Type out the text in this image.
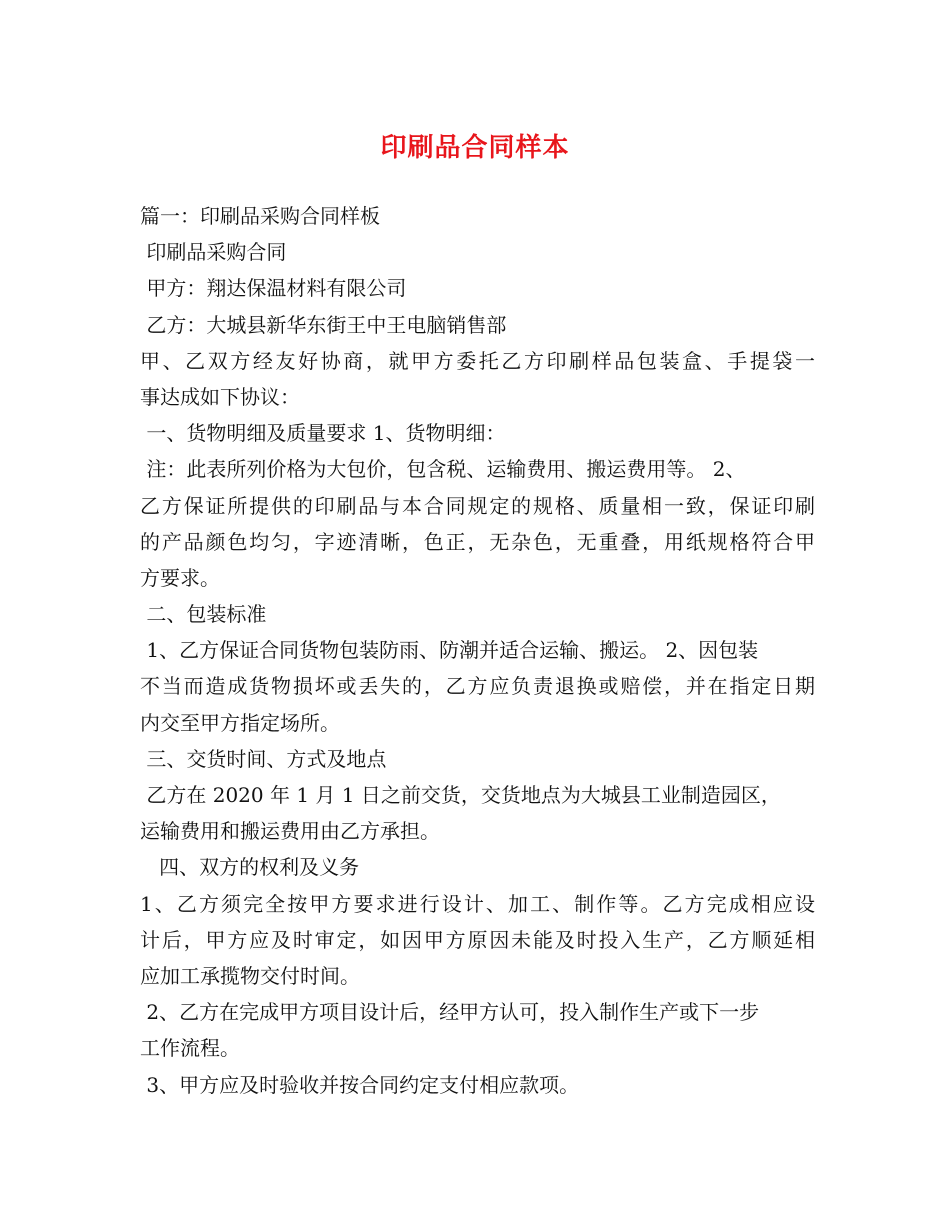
印刷品合同样本
篇一：印刷品采购合同样板
印刷品采购合同
甲方：翔达保温材料有限公司
乙方：大城县新华东街王中王电脑销售部
甲、乙双方经友好协商，就甲方委托乙方印刷样品包装盒、手提袋一
事达成如下协议：
一、货物明细及质量要求 1、货物明细：
注：此表所列价格为大包价，包含税、运输费用、搬运费用等。 2、
乙方保证所提供的印刷品与本合同规定的规格、质量相一致，保证印刷
的产品颜色均匀，字迹清晰，色正，无杂色，无重叠，用纸规格符合甲
方要求。
二、包装标准
1、乙方保证合同货物包装防雨、防潮并适合运输、搬运。 2、因包装
不当而造成货物损坏或丢失的，乙方应负责退换或赔偿，并在指定日期
内交至甲方指定场所。
三、交货时间、方式及地点
乙方在 2020 年 1 月 1 日之前交货，交货地点为大城县工业制造园区，
运输费用和搬运费用由乙方承担。
四、双方的权利及义务
1、乙方须完全按甲方要求进行设计、加工、制作等。乙方完成相应设
计后，甲方应及时审定，如因甲方原因未能及时投入生产，乙方顺延相
应加工承揽物交付时间。
2、乙方在完成甲方项目设计后，经甲方认可，投入制作生产或下一步
工作流程。
3、甲方应及时验收并按合同约定支付相应款项。
